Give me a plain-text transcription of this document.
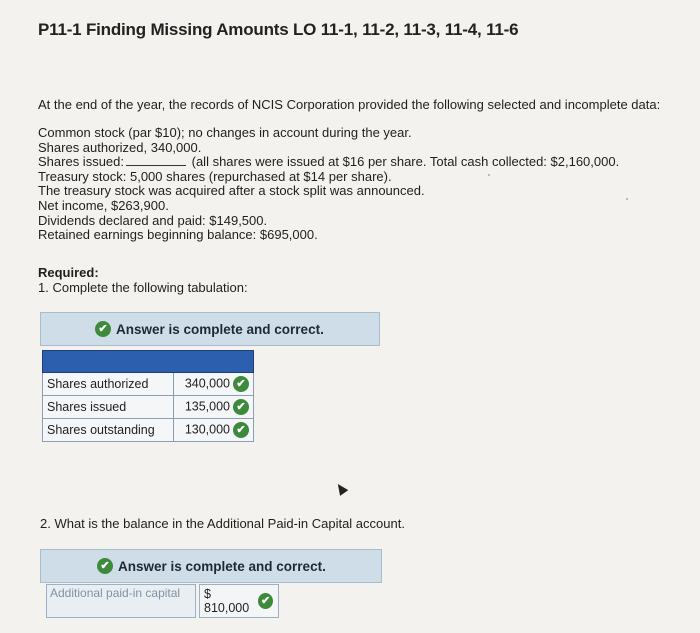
P11-1 Finding Missing Amounts LO 11-1, 11-2, 11-3, 11-4, 11-6
At the end of the year, the records of NCIS Corporation provided the following selected and incomplete data:
Common stock (par $10); no changes in account during the year.
Shares authorized, 340,000.
Shares issued:	(all shares were issued at $16 per share. Total cash collected: $2,160,000.
Treasury stock: 5,000 shares (repurchased at $14 per share).
The treasury stock was acquired after a stock split was announced.
Net income, $263,900.
Dividends declared and paid: $149,500.
Retained earnings beginning balance: $695,000.
Required:
1. Complete the following tabulation:
✔ Answer is complete and correct.

Shares authorized	340,000 ✔
Shares issued	135,000 ✔
Shares outstanding	130,000 ✔
2. What is the balance in the Additional Paid-in Capital account.
✔ Answer is complete and correct.
Additional paid-in capital	$ 810,000	✔
